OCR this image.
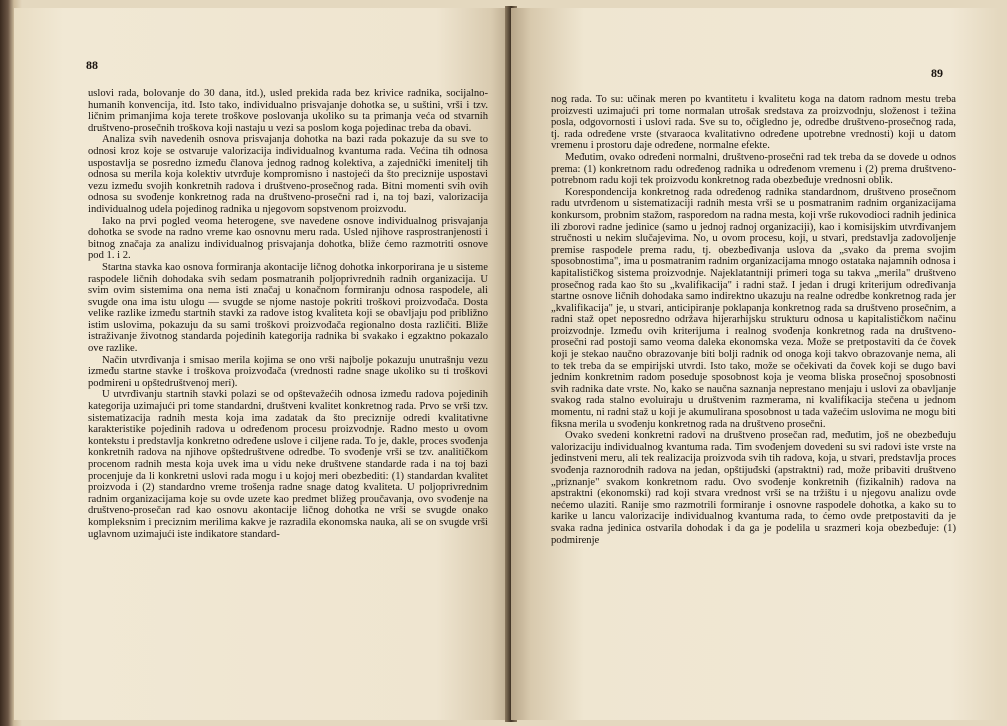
88

uslovi rada, bolovanje do 30 dana, itd.), usled prekida rada bez krivice radnika, socijalno-humanih konvencija, itd. Isto tako, individualno prisvajanje dohotka se, u suštini, vrši i tzv. ličnim primanjima koja terete troškove poslovanja ukoliko su ta primanja veća od stvarnih društveno-prosečnih troškova koji nastaju u vezi sa poslom koga pojedinac treba da obavi.

Analiza svih navedenih osnova prisvajanja dohotka na bazi rada pokazuje da su sve to odnosi kroz koje se ostvaruje valorizacija individualnog kvantuma rada. Većina tih odnosa uspostavlja se posredno između članova jednog radnog kolektiva, a zajednički imenitelj tih odnosa su merila koja kolektiv utvrđuje kompromisno i nastojeći da što preciznije uspostavi vezu između svojih konkretnih radova i društveno-prosečnog rada. Bitni momenti svih ovih odnosa su svođenje konkretnog rada na društveno-prosečni rad i, na toj bazi, valorizacija individualnog udela pojedinog radnika u njegovom sopstvenom proizvodu.

Iako na prvi pogled veoma heterogene, sve navedene osnove individualnog prisvajanja dohotka se svode na radno vreme kao osnovnu meru rada. Usled njihove rasprostranjenosti i bitnog značaja za analizu individualnog prisvajanja dohotka, bliže ćemo razmotriti osnove pod 1. i 2.

Startna stavka kao osnova formiranja akontacije ličnog dohotka inkorporirana je u sisteme raspodele ličnih dohodaka svih sedam posmatranih poljoprivrednih radnih organizacija. U svim ovim sistemima ona nema isti značaj u konačnom formiranju odnosa raspodele, ali svugde ona ima istu ulogu — svugde se njome nastoje pokriti troškovi proizvođača. Dosta velike razlike između startnih stavki za radove istog kvaliteta koji se obavljaju pod približno istim uslovima, pokazuju da su sami troškovi proizvođača regionalno dosta različiti. Bliže istraživanje životnog standarda pojedinih kategorija radnika bi svakako i egzaktno pokazalo ove razlike.

Način utvrđivanja i smisao merila kojima se ono vrši najbolje pokazuju unutrašnju vezu između startne stavke i troškova proizvođača (vrednosti radne snage ukoliko su ti troškovi podmireni u opštedruštvenoj meri).

U utvrđivanju startnih stavki polazi se od opštevažećih odnosa između radova pojedinih kategorija uzimajući pri tome standardni, društveni kvalitet konkretnog rada. Prvo se vrši tzv. sistematizacija radnih mesta koja ima zadatak da što preciznije odredi kvalitativne karakteristike pojedinih radova u određenom procesu proizvodnje. Radno mesto u ovom kontekstu i predstavlja konkretno određene uslove i ciljene rada. To je, dakle, proces svođenja konkretnih radova na njihove opštedruštvene odredbe. To svođenje vrši se tzv. analitičkom procenom radnih mesta koja uvek ima u vidu neke društvene standarde rada i na toj bazi procenjuje da li konkretni uslovi rada mogu i u kojoj meri obezbediti: (1) standardan kvalitet proizvoda i (2) standardno vreme trošenja radne snage datog kvaliteta. U poljoprivrednim radnim organizacijama koje su ovde uzete kao predmet bližeg proučavanja, ovo svođenje na društveno-prosečan rad kao osnovu akontacije ličnog dohotka ne vrši se svugde onako kompleksnim i preciznim merilima kakve je razradila ekonomska nauka, ali se on svugde vrši uglavnom uzimajući iste indikatore standard-

89

nog rada. To su: učinak meren po kvantitetu i kvalitetu koga na datom radnom mestu treba proizvesti uzimajući pri tome normalan utrošak sredstava za proizvodnju, složenost i težina posla, odgovornosti i uslovi rada. Sve su to, očigledno je, odredbe društveno-prosečnog rada, tj. rada određene vrste (stvaraoca kvalitativno određene upotrebne vrednosti) koji u datom vremenu i prostoru daje određene, normalne efekte.

Međutim, ovako određeni normalni, društveno-prosečni rad tek treba da se dovede u odnos prema: (1) konkretnom radu određenog radnika u određenom vremenu i (2) prema društveno-potrebnom radu koji tek proizvodu konkretnog rada obezbeđuje vrednosni oblik.

Korespondencija konkretnog rada određenog radnika standardnom, društveno prosečnom radu utvrđenom u sistematizaciji radnih mesta vrši se u posmatranim radnim organizacijama konkursom, probnim stažom, rasporedom na radna mesta, koji vrše rukovodioci radnih jedinica ili zborovi radne jedinice (samo u jednoj radnoj organizaciji), kao i komisijskim utvrđivanjem stručnosti u nekim slučajevima. No, u ovom procesu, koji, u stvari, predstavlja zadovoljenje premise raspodele prema radu, tj. obezbeđivanja uslova da „svako da prema svojim sposobnostima", ima u posmatranim radnim organizacijama mnogo ostataka najamnih odnosa i kapitalističkog sistema proizvodnje. Najeklatantniji primeri toga su takva „merila" društveno prosečnog rada kao što su „kvalifikacija" i radni staž. I jedan i drugi kriterijum određivanja startne osnove ličnih dohodaka samo indirektno ukazuju na realne odredbe konkretnog rada jer „kvalifikacija" je, u stvari, anticipiranje poklapanja konkretnog rada sa društveno prosečnim, a radni staž opet neposredno održava hijerarhijsku strukturu odnosa u kapitalističkom načinu proizvodnje. Između ovih kriterijuma i realnog svođenja konkretnog rada na društveno-prosečni rad postoji samo veoma daleka ekonomska veza. Može se pretpostaviti da će čovek koji je stekao naučno obrazovanje biti bolji radnik od onoga koji takvo obrazovanje nema, ali to tek treba da se empirijski utvrdi. Isto tako, može se očekivati da čovek koji se dugo bavi jednim konkretnim radom poseduje sposobnost koja je veoma bliska prosečnoj sposobnosti svih radnika date vrste. No, kako se naučna saznanja neprestano menjaju i uslovi za obavljanje svakog rada stalno evoluiraju u društvenim razmerama, ni kvalifikacija stečena u jednom momentu, ni radni staž u koji je akumulirana sposobnost u tada važećim uslovima ne mogu biti fiksna merila u svođenju konkretnog rada na društveno prosečni.

Ovako svedeni konkretni radovi na društveno prosečan rad, međutim, još ne obezbeđuju valorizaciju individualnog kvantuma rada. Tim svođenjem dovedeni su svi radovi iste vrste na jedinstveni meru, ali tek realizacija proizvoda svih tih radova, koja, u stvari, predstavlja proces svođenja raznorodnih radova na jedan, opštijuđski (apstraktni) rad, može pribaviti društveno „priznanje" svakom konkretnom radu. Ovo svođenje konkretnih (fizikalnih) radova na apstraktni (ekonomski) rad koji stvara vrednost vrši se na tržištu i u njegovu analizu ovde nećemo ulaziti. Ranije smo razmotrili formiranje i osnovne raspodele dohotka, a kako su to karike u lancu valorizacije individualnog kvantuma rada, to ćemo ovde pretpostaviti da je svaka radna jedinica ostvarila dohodak i da ga je podelila u srazmeri koja obezbeđuje: (1) podmirenje
